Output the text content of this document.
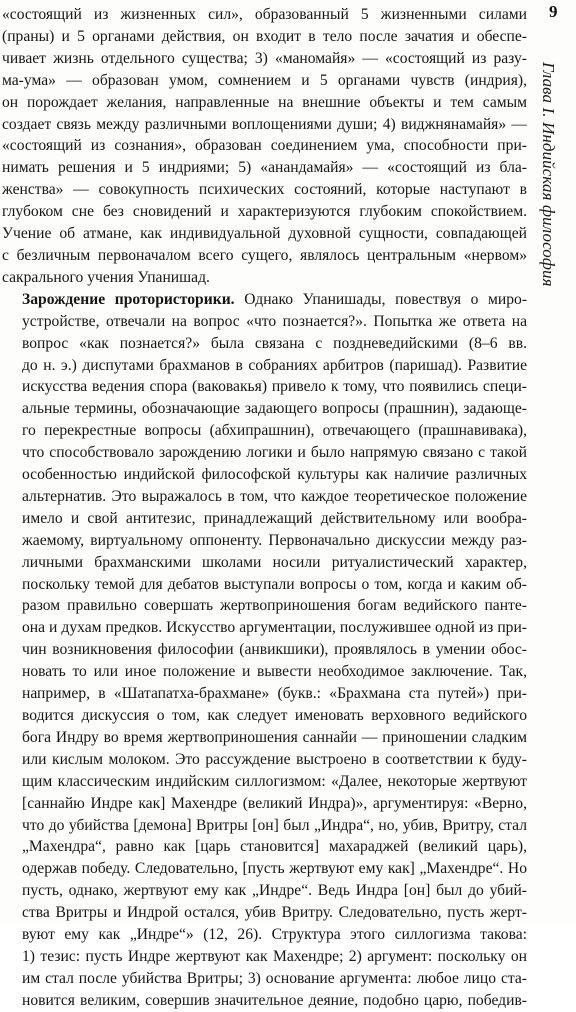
«состоящий из жизненных сил», образованный 5 жизненными силами
(праны) и 5 органами действия, он входит в тело после зачатия и обеспе-
чивает жизнь отдельного существа; 3) «маномайя» — «состоящий из разу-
ма-ума» — образован умом, сомнением и 5 органами чувств (индрия),
он порождает желания, направленные на внешние объекты и тем самым
создает связь между различными воплощениями души; 4) виджнянамайя» —
«состоящий из сознания», образован соединением ума, способности при-
нимать решения и 5 индриями; 5) «анандамайя» — «состоящий из бла-
женства» — совокупность психических состояний, которые наступают в
глубоком сне без сновидений и характеризуются глубоким спокойствием.
Учение об атмане, как индивидуальной духовной сущности, совпадающей
с безличным первоначалом всего сущего, являлось центральным «нервом»
сакрального учения Упанишад.

Зарождение протористорики. Однако Упанишады, повествуя о миро-
устройстве, отвечали на вопрос «что познается?». Попытка же ответа на
вопрос «как познается?» была связана с поздневедийскими (8–6 вв.
до н. э.) диспутами брахманов в собраниях арбитров (паришад). Развитие
искусства ведения спора (ваковакья) привело к тому, что появились специ-
альные термины, обозначающие задающего вопросы (прашнин), задающе-
го перекрестные вопросы (абхипрашнин), отвечающего (прашнавивака),
что способствовало зарождению логики и было напрямую связано с такой
особенностью индийской философской культуры как наличие различных
альтернатив. Это выражалось в том, что каждое теоретическое положение
имело и свой антитезис, принадлежащий действительному или вообра-
жаемому, виртуальному оппоненту. Первоначально дискуссии между раз-
личными брахманскими школами носили ритуалистический характер,
поскольку темой для дебатов выступали вопросы о том, когда и каким об-
разом правильно совершать жертвоприношения богам ведийского панте-
она и духам предков. Искусство аргументации, послужившее одной из при-
чин возникновения философии (анвикшики), проявлялось в умении обос-
новать то или иное положение и вывести необходимое заключение. Так,
например, в «Шатапатха-брахмане» (букв.: «Брахмана ста путей») при-
водится дискуссия о том, как следует именовать верховного ведийского
бога Индру во время жертвоприношения саннайи — приношении сладким
или кислым молоком. Это рассуждение выстроено в соответствии к буду-
щим классическим индийским силлогизмом: «Далее, некоторые жертвуют
[саннайю Индре как] Махендре (великий Индра)», аргументируя: «Верно,
что до убийства [демона] Вритры [он] был „Индра“, но, убив, Вритру, стал
„Махендра“, равно как [царь становится] махараджей (великий царь),
одержав победу. Следовательно, [пусть жертвуют ему как] „Махендре“. Но
пусть, однако, жертвуют ему как „Индре“. Ведь Индра [он] был до убий-
ства Вритры и Индрой остался, убив Вритру. Следовательно, пусть жерт-
вуют ему как „Индре“» (12, 26). Структура этого силлогизма такова:
1) тезис: пусть Индре жертвуют как Махендре; 2) аргумент: поскольку он
им стал после убийства Вритры; 3) основание аргумента: любое лицо ста-
новится великим, совершив значительное деяние, подобно царю, победив-

9
Глава I. Индийская философия
